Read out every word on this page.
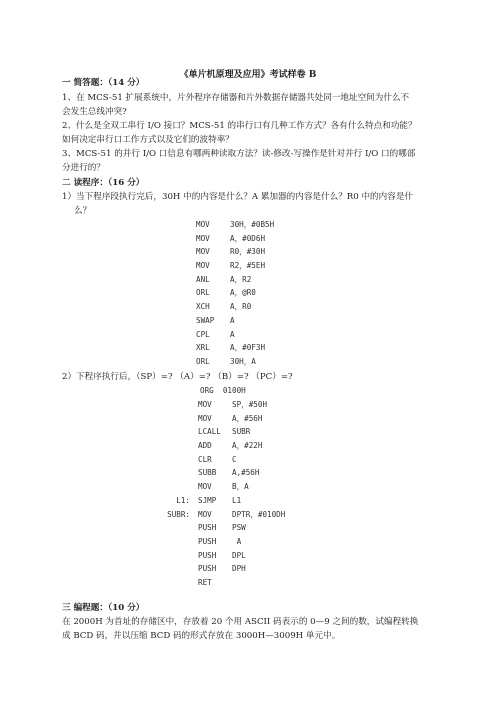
《单片机原理及应用》考试样卷 B
一 简答题：（14 分）
1、在 MCS-51 扩展系统中，片外程序存储器和片外数据存储器共处同一地址空间为什么不
会发生总线冲突?
2、什么是全双工串行 I/O 接口？MCS-51 的串行口有几种工作方式？各有什么特点和功能？
如何决定串行口工作方式以及它们的波特率？
3、MCS-51 的并行 I/O 口信息有哪两种读取方法？读-修改-写操作是针对并行 I/O 口的哪部
分进行的？
二 读程序：（16 分）
1）当下程序段执行完后，30H 中的内容是什么？A 累加器的内容是什么？R0 中的内容是什
么？
MOV	30H，#0B5H
MOV	A，#0D6H
MOV	R0，#30H
MOV	R2，#5EH
ANL	A，R2
ORL	A，@R0
XCH	A，R0
SWAP A
CPL	A
XRL	A，#0F3H
ORL	30H，A
2）下程序执行后，（SP）=? （A）=? （B）=? （PC）=?
ORG  0100H
MOV	SP，#50H
MOV	A，#56H
LCALL SUBR
ADD	A，#22H
CLR	C
SUBB A,#56H
MOV	B，A
L1: SJMP L1
SUBR: MOV	DPTR，#010DH
PUSH PSW
PUSH A
PUSH DPL
PUSH DPH
RET
三 编程题：（10 分）
在 2000H 为首址的存储区中，存放着 20 个用 ASCII 码表示的 0—9 之间的数，试编程转换
成 BCD 码，并以压缩 BCD 码的形式存放在 3000H—3009H 单元中。
